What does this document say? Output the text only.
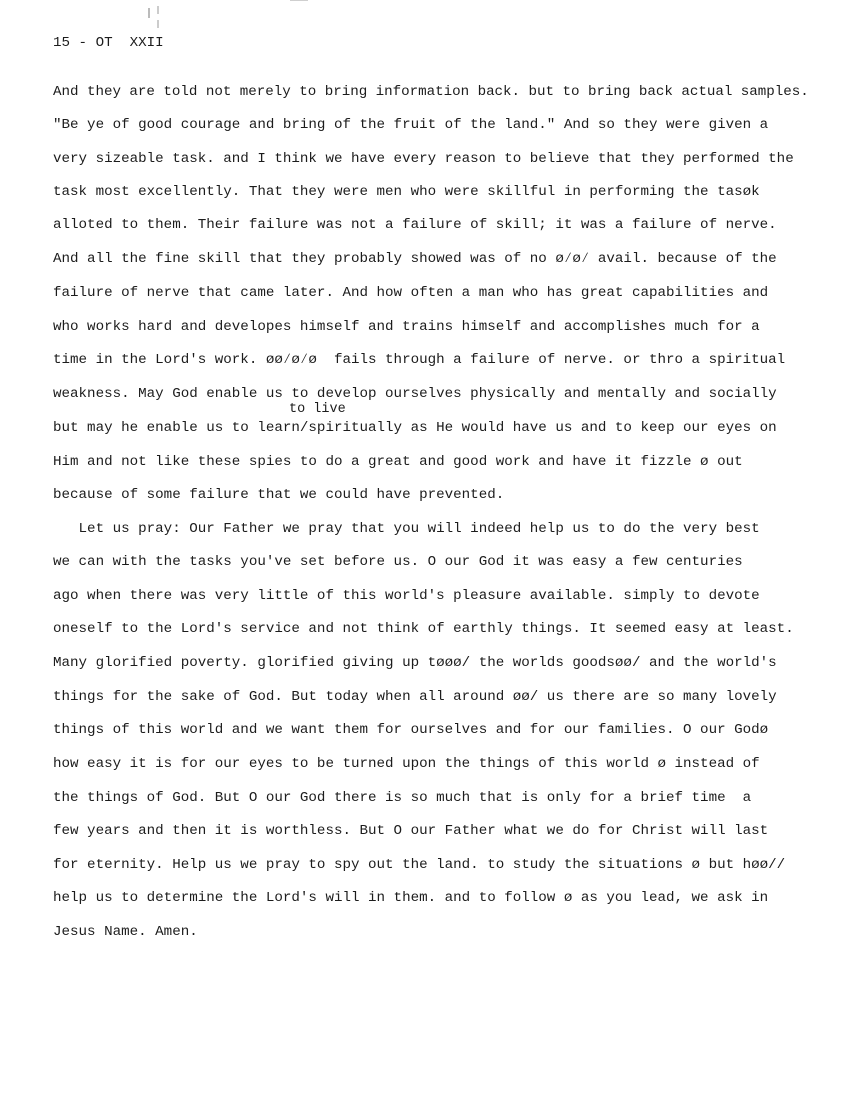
15 - OT  XXII
And they are told not merely to bring information back. but to bring back actual samples.
"Be ye of good courage and bring of the fruit of the land." And so they were given a
very sizeable task. and I think we have every reason to believe that they performed the
task most excellently. That they were men who were skillful in performing the tasøk
alloted to them. Their failure was not a failure of skill; it was a failure of nerve.
And all the fine skill that they probably showed was of no ø∕ø∕ avail. because of the
failure of nerve that came later. And how often a man who has great capabilities and
who works hard and developes himself and trains himself and accomplishes much for a
time in the Lord's work. øø∕ø∕ø  fails through a failure of nerve. or thro a spiritual
weakness. May God enable us to develop ourselves physically and mentally and socially
but may he enable us to learn/spiritually as He would have us and to keep our eyes on
Him and not like these spies to do a great and good work and have it fizzle ø out
because of some failure that we could have prevented.
to live
Let us pray: Our Father we pray that you will indeed help us to do the very best
we can with the tasks you've set before us. O our God it was easy a few centuries
ago when there was very little of this world's pleasure available. simply to devote
oneself to the Lord's service and not think of earthly things. It seemed easy at least.
Many glorified poverty. glorified giving up tøøø/ the worlds goodsøø/ and the world's
things for the sake of God. But today when all around øø/ us there are so many lovely
things of this world and we want them for ourselves and for our families. O our Godø
how easy it is for our eyes to be turned upon the things of this world ø instead of
the things of God. But O our God there is so much that is only for a brief time  a
few years and then it is worthless. But O our Father what we do for Christ will last
for eternity. Help us we pray to spy out the land. to study the situations ø but høø//
help us to determine the Lord's will in them. and to follow ø as you lead, we ask in
Jesus Name. Amen.
